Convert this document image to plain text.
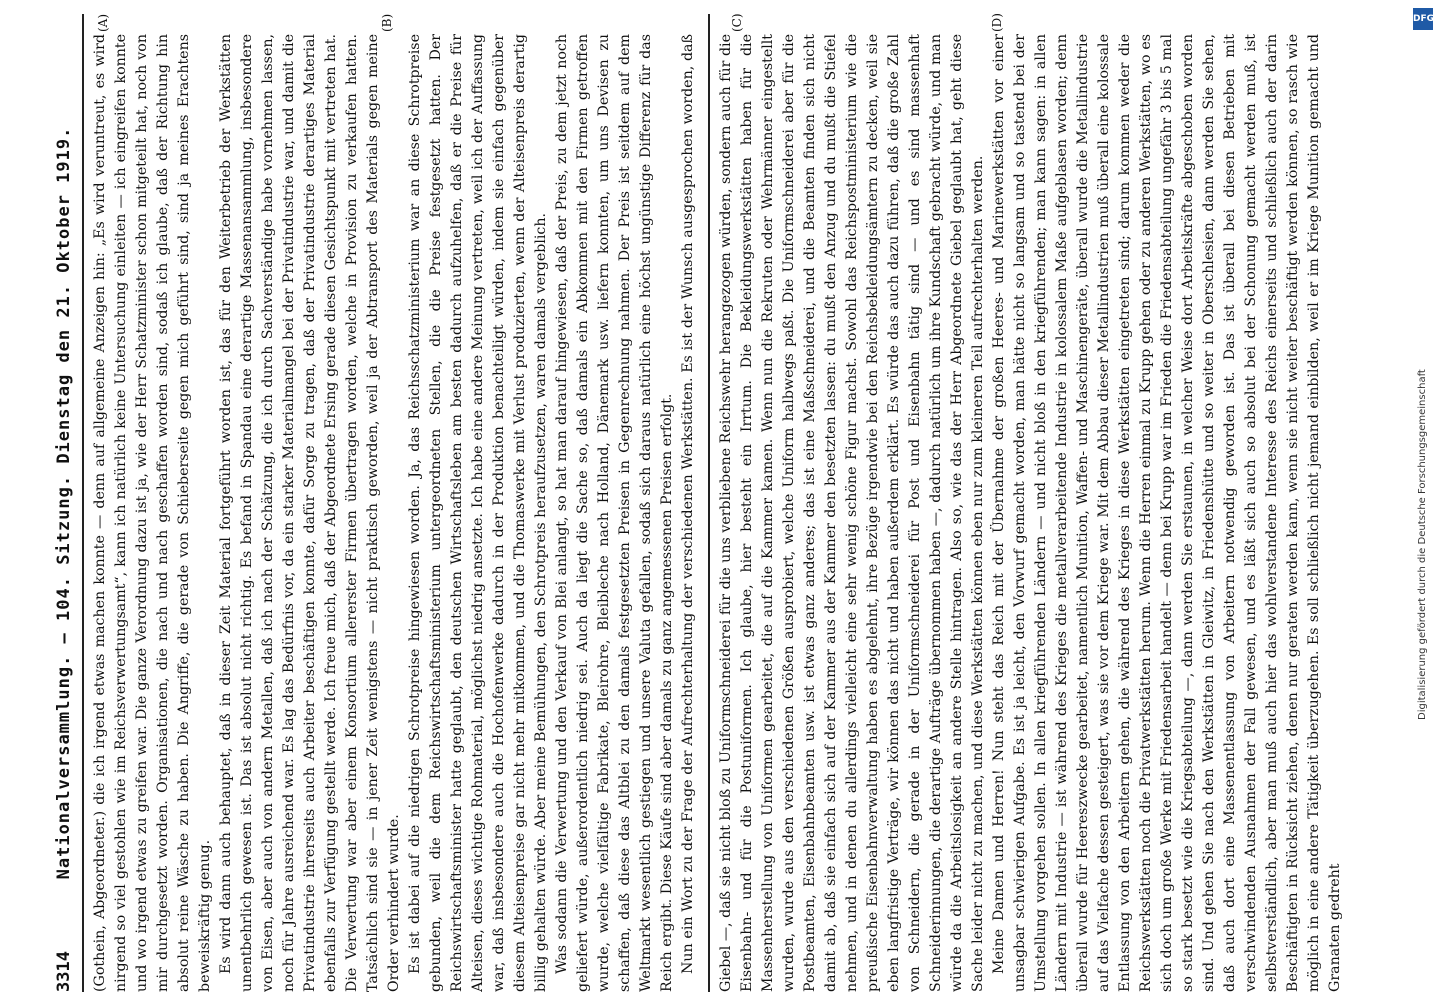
3314
Nationalversammlung. — 104. Sitzung. Dienstag den 21. Oktober 1919. (Gothein, Abgeordneter.) die ich irgend etwas machen konnte — denn auf allgemeine Anzeigen hin: „Es wird veruntreut, es wird nirgend so viel gestohlen wie im Reichsverwertungsamt“, kann ich natürlich keine Untersuchung einleiten — ich eingreifen konnte und wo irgend etwas zu greifen war. Die ganze Verordnung dazu ist ja, wie der Herr Schatzminister schon mitgeteilt hat, noch von mir durchgesetzt worden. Organisationen, die nach und nach geschaffen worden sind, sodaß ich glaube, daß der Richtung hin absolut reine Wäsche zu haben. Die Angriffe, die gerade von Schieberseite gegen mich geführt sind, sind ja meines Erachtens beweiskräftig genug. Es wird dann auch behauptet, daß in dieser Zeit Material fortgeführt worden ist, das für den Weiterbetrieb der Werkstätten unentbehrlich gewesen ist. Das ist absolut nicht richtig. Es befand in Spandau eine derartige Massenansammlung, insbesondere von Eisen, aber auch von andern Metallen, daß ich nach der Schätzung, die ich durch Sachverständige habe vornehmen lassen, noch für Jahre ausreichend war. Es lag das Bedürfnis vor, da ein starker Materialmangel bei der Privatindustrie war, und damit die Privatindustrie ihrerseits auch Arbeiter beschäftigen konnte, dafür Sorge zu tragen, daß der Privatindustrie derartiges Material ebenfalls zur Verfügung gestellt werde. Ich freue mich, daß der Abgeordnete Ersing gerade diesen Gesichtspunkt mit vertreten hat. Die Verwertung war aber einem Konsortium allererster Firmen übertragen worden, welche in Provision zu verkaufen hatten. Tatsächlich sind sie — in jener Zeit wenigstens — nicht praktisch geworden, weil ja der Abtransport des Materials gegen meine Order verhindert wurde. Es ist dabei auf die niedrigen Schrotpreise hingewiesen worden. Ja, das Reichsschatzministerium war an diese Schrotpreise gebunden, weil die dem Reichswirtschaftsministerium untergeordneten Stellen, die die Preise festgesetzt hatten. Der Reichswirtschaftsminister hatte geglaubt, den deutschen Wirtschaftsleben am besten dadurch aufzuhelfen, daß er die Preise für Alteisen, dieses wichtige Rohmaterial, möglichst niedrig ansetzte. Ich habe eine andere Meinung vertreten, weil ich der Auffassung war, daß insbesondere auch die Hochofenwerke dadurch in der Produktion benachteiligt würden, indem sie einfach gegenüber diesem Alteisenpreise gar nicht mehr mitkommen, und die Thomaswerke mit Verlust produzierten, wenn der Alteisenpreis derartig billig gehalten würde. Aber meine Bemühungen, den Schrotpreis heraufzusetzen, waren damals vergeblich. Was sodann die Verwertung und den Verkauf von Blei anlangt, so hat man darauf hingewiesen, daß der Preis, zu dem jetzt noch geliefert würde, außerordentlich niedrig sei. Auch da liegt die Sache so, daß damals ein Abkommen mit den Firmen getroffen wurde, welche vielfältige Fabrikate, Bleirohre, Bleibleche nach Holland, Dänemark usw. liefern konnten, um uns Devisen zu schaffen, daß diese das Altblei zu den damals festgesetzten Preisen in Gegenrechnung nahmen. Der Preis ist seitdem auf dem Weltmarkt wesentlich gestiegen und unsere Valuta gefallen, sodaß sich daraus natürlich eine höchst ungünstige Differenz für das Reich ergibt. Diese Käufe sind aber damals zu ganz angemessenen Preisen erfolgt. Nun ein Wort zu der Frage der Aufrechterhaltung der verschiedenen Werkstätten. Es ist der Wunsch ausgesprochen worden, daß	Giebel —, daß sie nicht bloß zu Uniformschneiderei für die uns verbliebene Reichswehr herangezogen würden, sondern auch für die Eisenbahn- und für die Postuniformen. Ich glaube, hier besteht ein Irrtum. Die Bekleidungswerkstätten haben für die Massenherstellung von Uniformen gearbeitet, die auf die Kammer kamen. Wenn nun die Rekruten oder Wehrmänner eingestellt wurden, wurde aus den verschiedenen Größen ausprobiert, welche Uniform halbwegs paßt. Die Uniformschneiderei aber für die Postbeamten, Eisenbahnbeamten usw. ist etwas ganz anderes; das ist eine Maßschneiderei, und die Beamten finden sich nicht damit ab, daß sie einfach sich auf der Kammer aus der Kammer den besetzten lassen: du mußt den Anzug und du mußt die Stiefel nehmen, und in denen du allerdings vielleicht eine sehr wenig schöne Figur machst. Sowohl das Reichspostministerium wie die preußische Eisenbahnverwaltung haben es abgelehnt, ihre Bezüge irgendwie bei den Reichsbekleidungsämtern zu decken, weil sie eben langfristige Verträge, wir können das nicht und haben außerdem erklärt. Es würde das auch dazu führen, daß die große Zahl von Schneidern, die gerade in der Uniformschneiderei für Post und Eisenbahn tätig sind — und es sind massenhaft Schneiderinnungen, die derartige Aufträge übernommen haben —, dadurch natürlich um ihre Kundschaft gebracht würde, und man würde da die Arbeitslosigkeit an andere Stelle hintragen. Also so, wie das der Herr Abgeordnete Giebel geglaubt hat, geht diese Sache leider nicht zu machen, und diese Werkstätten können eben nur zum kleineren Teil aufrechterhalten werden. Meine Damen und Herren! Nun steht das Reich mit der Übernahme der großen Heeres- und Marinewerkstätten vor einer unsagbar schwierigen Aufgabe. Es ist ja leicht, den Vorwurf gemacht worden, man hätte nicht so langsam und so tastend bei der Umstellung vorgehen sollen. In allen kriegführenden Ländern — und nicht bloß in den kriegführenden; man kann sagen: in allen Ländern mit Industrie — ist während des Krieges die metallverarbeitende Industrie in kolossalem Maße aufgeblasen worden; denn überall wurde für Heereszwecke gearbeitet, namentlich Munition, Waffen- und Maschinengeräte, überall wurde die Metallindustrie auf das Vielfache dessen gesteigert, was sie vor dem Kriege war. Mit dem Abbau dieser Metallindustrien muß überall eine kolossale Entlassung von den Arbeitern gehen, die während des Krieges in diese Werkstätten eingetreten sind; darum kommen weder die Reichswerkstätten noch die Privatwerkstätten herum. Wenn die Herren einmal zu Krupp gehen oder zu anderen Werkstätten, wo es sich doch um große Werke mit Friedensarbeit handelt — denn bei Krupp war im Frieden die Friedensabteilung ungefähr 3 bis 5 mal so stark besetzt wie die Kriegsabteilung —, dann werden Sie erstaunen, in welcher Weise dort Arbeitskräfte abgeschoben worden sind. Und gehen Sie nach den Werkstätten in Gleiwitz, in Friedenshütte und so weiter in Oberschlesien, dann werden Sie sehen, daß auch dort eine Massenentlassung von Arbeitern notwendig geworden ist. Das ist überall bei diesen Betrieben mit verschwindenden Ausnahmen der Fall gewesen, und es läßt sich auch so absolut bei der Schonung gemacht werden muß, ist selbstverständlich, aber man muß auch hier das wohlverstandene Interesse des Reichs einerseits und schließlich auch der darin Beschäftigten in Rücksicht ziehen, denen nur geraten werden kann, wenn sie nicht weiter beschäftigt werden können, so rasch wie möglich in eine andere Tätigkeit überzugehen. Es soll schließlich nicht jemand einbilden, weil er im Kriege Munition gemacht und Granaten gedreht

(A)	(B)	(C)	(D)	DFG
Digitalisierung gefördert durch die Deutsche Forschungsgemeinschaft
